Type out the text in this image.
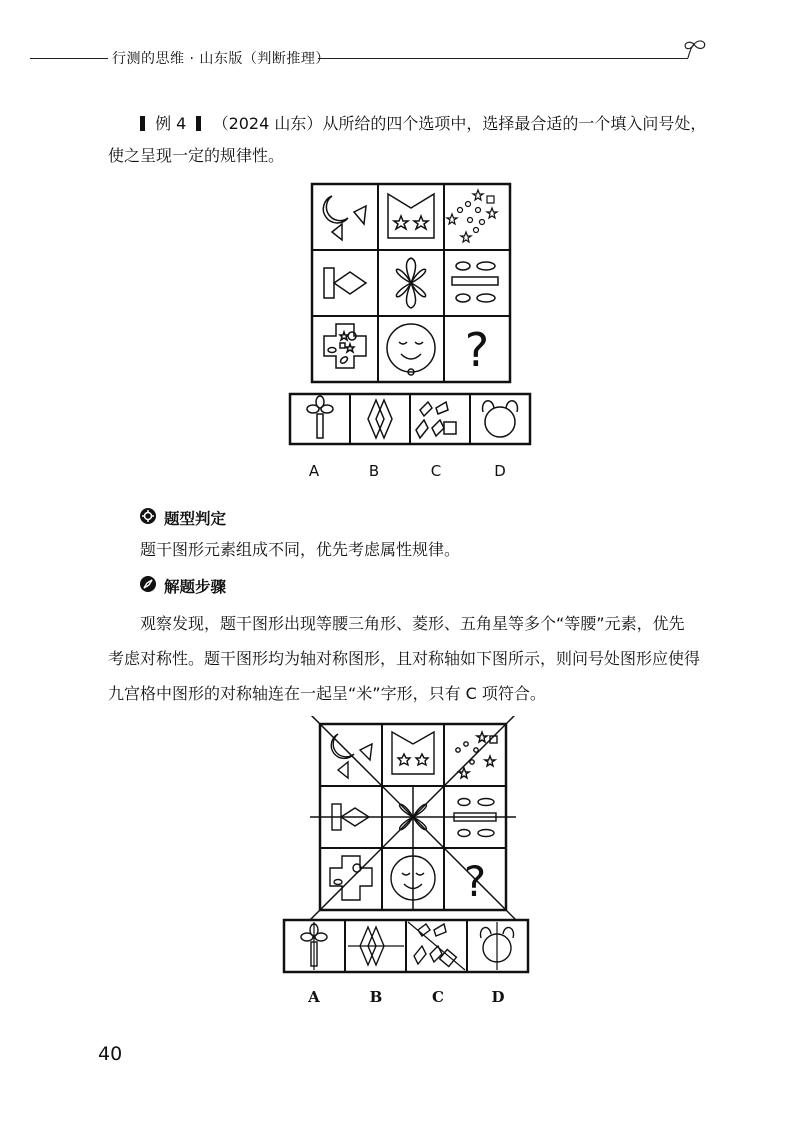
行测的思维 · 山东版（判断推理）
例 4 （2024 山东）从所给的四个选项中，选择最合适的一个填入问号处，
使之呈现一定的规律性。
?
A	B	C	D
题型判定
题干图形元素组成不同，优先考虑属性规律。
解题步骤
观察发现，题干图形出现等腰三角形、菱形、五角星等多个“等腰”元素，优先
考虑对称性。题干图形均为轴对称图形，且对称轴如下图所示，则问号处图形应使得
九宫格中图形的对称轴连在一起呈“米”字形，只有 C 项符合。
?
A	B	C	D
40
